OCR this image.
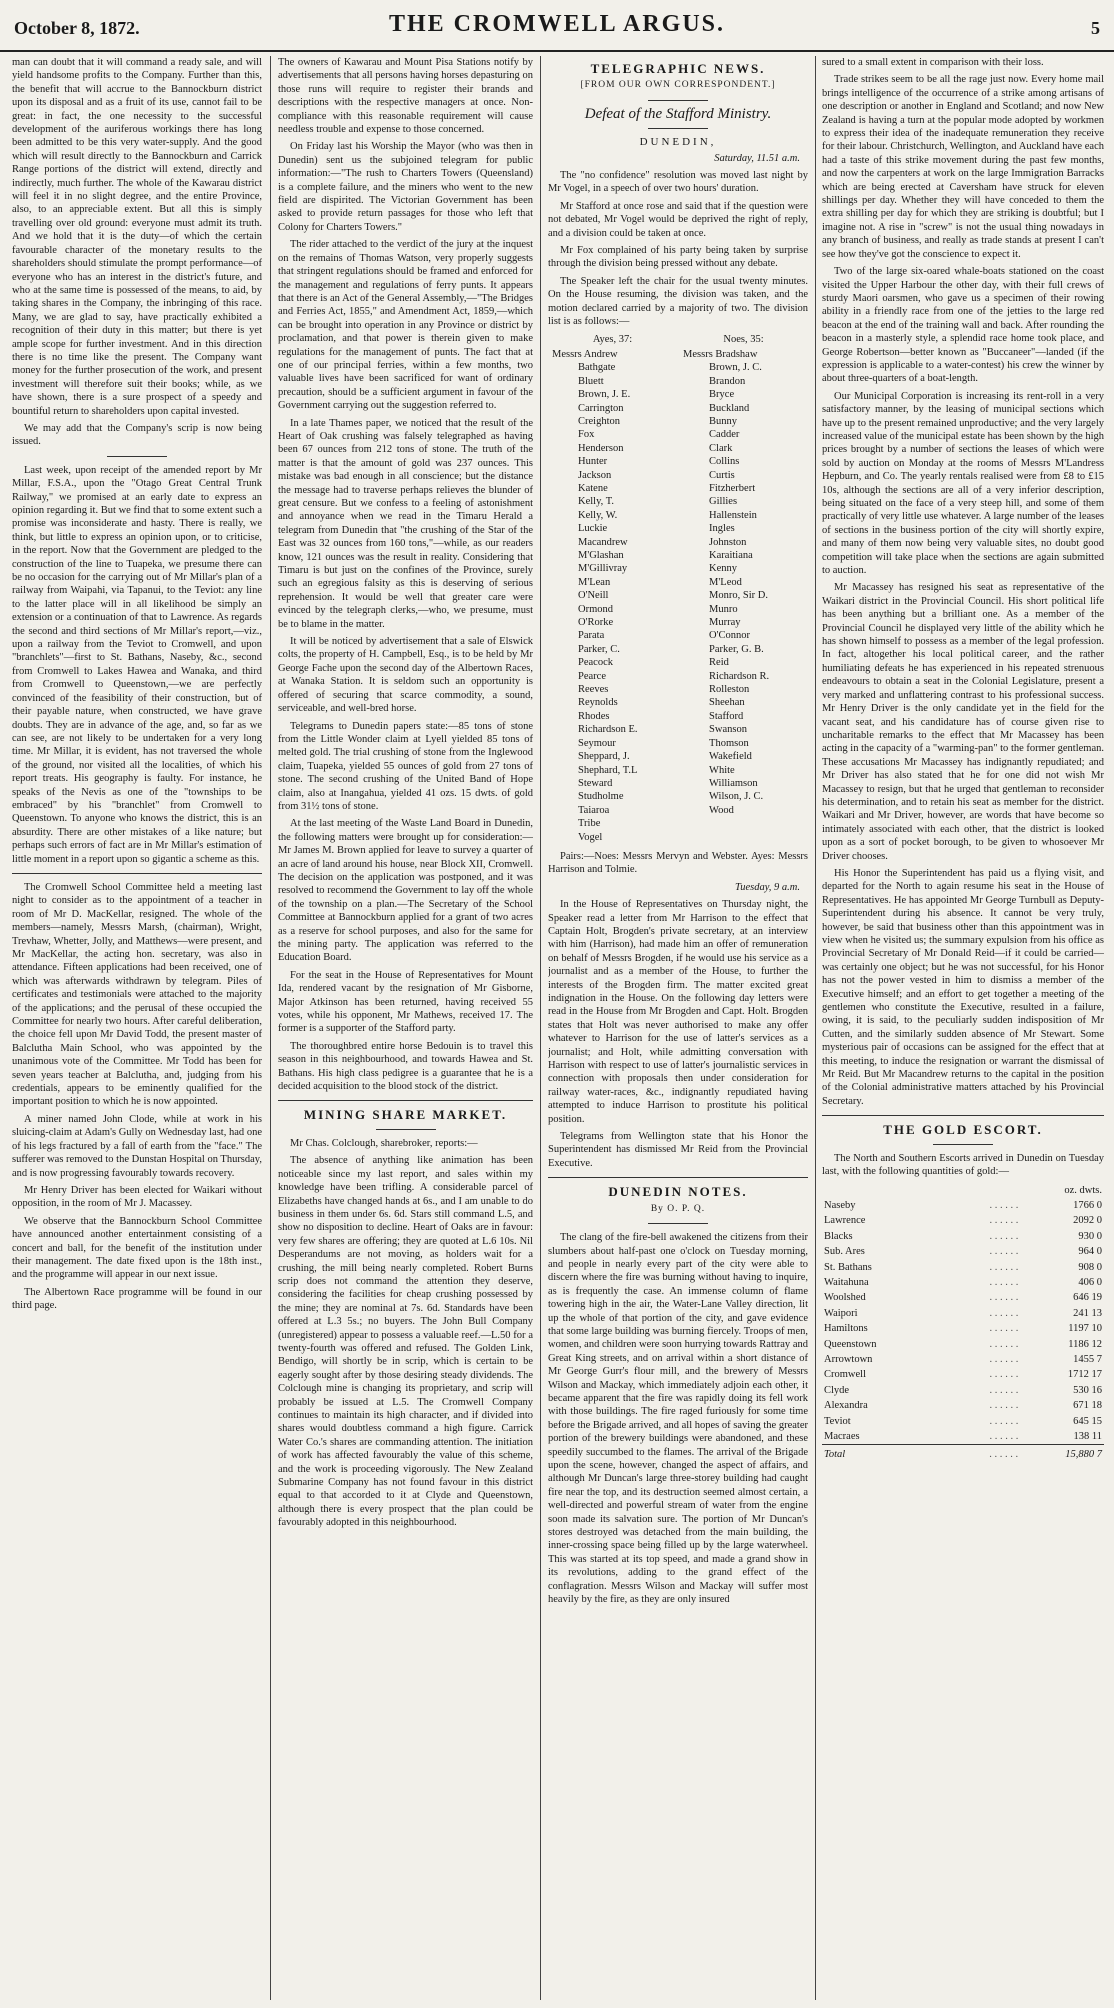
October 8, 1872.	THE CROMWELL ARGUS.	5

man can doubt that it will command a ready sale, and will yield handsome profits to the Company. Further than this, the benefit that will accrue to the Bannockburn district upon its disposal and as a fruit of its use, cannot fail to be great: in fact, the one necessity to the successful development of the auriferous workings there has long been admitted to be this very water-supply. And the good which will result directly to the Bannockburn and Carrick Range portions of the district will extend, directly and indirectly, much further. The whole of the Kawarau district will feel it in no slight degree, and the entire Province, also, to an appreciable extent. But all this is simply travelling over old ground: everyone must admit its truth. And we hold that it is the duty—of which the certain favourable character of the monetary results to the shareholders should stimulate the prompt performance—of everyone who has an interest in the district's future, and who at the same time is possessed of the means, to aid, by taking shares in the Company, the inbringing of this race. Many, we are glad to say, have practically exhibited a recognition of their duty in this matter; but there is yet ample scope for further investment. And in this direction there is no time like the present. The Company want money for the further prosecution of the work, and present investment will therefore suit their books; while, as we have shown, there is a sure prospect of a speedy and bountiful return to shareholders upon capital invested.

We may add that the Company's scrip is now being issued.

Last week, upon receipt of the amended report by Mr Millar, F.S.A., upon the "Otago Great Central Trunk Railway," we promised at an early date to express an opinion regarding it. But we find that to some extent such a promise was inconsiderate and hasty. There is really, we think, but little to express an opinion upon, or to criticise, in the report. Now that the Government are pledged to the construction of the line to Tuapeka, we presume there can be no occasion for the carrying out of Mr Millar's plan of a railway from Waipahi, via Tapanui, to the Teviot: any line to the latter place will in all likelihood be simply an extension or a continuation of that to Lawrence. As regards the second and third sections of Mr Millar's report,—viz., upon a railway from the Teviot to Cromwell, and upon "branchlets"—first to St. Bathans, Naseby, &c., second from Cromwell to Lakes Hawea and Wanaka, and third from Cromwell to Queenstown,—we are perfectly convinced of the feasibility of their construction, but of their payable nature, when constructed, we have grave doubts. They are in advance of the age, and, so far as we can see, are not likely to be undertaken for a very long time. Mr Millar, it is evident, has not traversed the whole of the ground, nor visited all the localities, of which his report treats. His geography is faulty. For instance, he speaks of the Nevis as one of the "townships to be embraced" by his "branchlet" from Cromwell to Queenstown. To anyone who knows the district, this is an absurdity. There are other mistakes of a like nature; but perhaps such errors of fact are in Mr Millar's estimation of little moment in a report upon so gigantic a scheme as this.

The Cromwell School Committee held a meeting last night to consider as to the appointment of a teacher in room of Mr D. MacKellar, resigned. The whole of the members—namely, Messrs Marsh, (chairman), Wright, Trevhaw, Whetter, Jolly, and Matthews—were present, and Mr MacKellar, the acting hon. secretary, was also in attendance. Fifteen applications had been received, one of which was afterwards withdrawn by telegram. Piles of certificates and testimonials were attached to the majority of the applications; and the perusal of these occupied the Committee for nearly two hours. After careful deliberation, the choice fell upon Mr David Todd, the present master of Balclutha Main School, who was appointed by the unanimous vote of the Committee. Mr Todd has been for seven years teacher at Balclutha, and, judging from his credentials, appears to be eminently qualified for the important position to which he is now appointed.

A miner named John Clode, while at work in his sluicing-claim at Adam's Gully on Wednesday last, had one of his legs fractured by a fall of earth from the "face." The sufferer was removed to the Dunstan Hospital on Thursday, and is now progressing favourably towards recovery.

Mr Henry Driver has been elected for Waikari without opposition, in the room of Mr J. Macassey.

We observe that the Bannockburn School Committee have announced another entertainment consisting of a concert and ball, for the benefit of the institution under their management. The date fixed upon is the 18th inst., and the programme will appear in our next issue.

The Albertown Race programme will be found in our third page.

The owners of Kawarau and Mount Pisa Stations notify by advertisements that all persons having horses depasturing on those runs will require to register their brands and descriptions with the respective managers at once. Non-compliance with this reasonable requirement will cause needless trouble and expense to those concerned.

On Friday last his Worship the Mayor (who was then in Dunedin) sent us the subjoined telegram for public information:—"The rush to Charters Towers (Queensland) is a complete failure, and the miners who went to the new field are dispirited. The Victorian Government has been asked to provide return passages for those who left that Colony for Charters Towers."

The rider attached to the verdict of the jury at the inquest on the remains of Thomas Watson, very properly suggests that stringent regulations should be framed and enforced for the management and regulations of ferry punts. It appears that there is an Act of the General Assembly,—"The Bridges and Ferries Act, 1855," and Amendment Act, 1859,—which can be brought into operation in any Province or district by proclamation, and that power is therein given to make regulations for the management of punts. The fact that at one of our principal ferries, within a few months, two valuable lives have been sacrificed for want of ordinary precaution, should be a sufficient argument in favour of the Government carrying out the suggestion referred to.

In a late Thames paper, we noticed that the result of the Heart of Oak crushing was falsely telegraphed as having been 67 ounces from 212 tons of stone. The truth of the matter is that the amount of gold was 237 ounces. This mistake was bad enough in all conscience; but the distance the message had to traverse perhaps relieves the blunder of great censure. But we confess to a feeling of astonishment and annoyance when we read in the Timaru Herald a telegram from Dunedin that "the crushing of the Star of the East was 32 ounces from 160 tons,"—while, as our readers know, 121 ounces was the result in reality. Considering that Timaru is but just on the confines of the Province, surely such an egregious falsity as this is deserving of serious reprehension. It would be well that greater care were evinced by the telegraph clerks,—who, we presume, must be to blame in the matter.

It will be noticed by advertisement that a sale of Elswick colts, the property of H. Campbell, Esq., is to be held by Mr George Fache upon the second day of the Albertown Races, at Wanaka Station. It is seldom such an opportunity is offered of securing that scarce commodity, a sound, serviceable, and well-bred horse.

Telegrams to Dunedin papers state:—85 tons of stone from the Little Wonder claim at Lyell yielded 85 tons of melted gold. The trial crushing of stone from the Inglewood claim, Tuapeka, yielded 55 ounces of gold from 27 tons of stone. The second crushing of the United Band of Hope claim, also at Inangahua, yielded 41 ozs. 15 dwts. of gold from 31½ tons of stone.

At the last meeting of the Waste Land Board in Dunedin, the following matters were brought up for consideration:—Mr James M. Brown applied for leave to survey a quarter of an acre of land around his house, near Block XII, Cromwell. The decision on the application was postponed, and it was resolved to recommend the Government to lay off the whole of the township on a plan.—The Secretary of the School Committee at Bannockburn applied for a grant of two acres as a reserve for school purposes, and also for the same for the mining party. The application was referred to the Education Board.

For the seat in the House of Representatives for Mount Ida, rendered vacant by the resignation of Mr Gisborne, Major Atkinson has been returned, having received 55 votes, while his opponent, Mr Mathews, received 17. The former is a supporter of the Stafford party.

The thoroughbred entire horse Bedouin is to travel this season in this neighbourhood, and towards Hawea and St. Bathans. His high class pedigree is a guarantee that he is a decided acquisition to the blood stock of the district.

MINING SHARE MARKET.

Mr Chas. Colclough, sharebroker, reports:—

The absence of anything like animation has been noticeable since my last report, and sales within my knowledge have been trifling. A considerable parcel of Elizabeths have changed hands at 6s., and I am unable to do business in them under 6s. 6d. Stars still command L.5, and show no disposition to decline. Heart of Oaks are in favour: very few shares are offering; they are quoted at L.6 10s. Nil Desperandums are not moving, as holders wait for a crushing, the mill being nearly completed. Robert Burns scrip does not command the attention they deserve, considering the facilities for cheap crushing possessed by the mine; they are nominal at 7s. 6d. Standards have been offered at L.3 5s.; no buyers. The John Bull Company (unregistered) appear to possess a valuable reef.—L.50 for a twenty-fourth was offered and refused. The Golden Link, Bendigo, will shortly be in scrip, which is certain to be eagerly sought after by those desiring steady dividends. The Colclough mine is changing its proprietary, and scrip will probably be issued at L.5. The Cromwell Company continues to maintain its high character, and if divided into shares would doubtless command a high figure. Carrick Water Co.'s shares are commanding attention. The initiation of work has affected favourably the value of this scheme, and the work is proceeding vigorously. The New Zealand Submarine Company has not found favour in this district equal to that accorded to it at Clyde and Queenstown, although there is every prospect that the plan could be favourably adopted in this neighbourhood.

TELEGRAPHIC NEWS.
[FROM OUR OWN CORRESPONDENT.]
Defeat of the Stafford Ministry.
DUNEDIN,
Saturday, 11.51 a.m.

The "no confidence" resolution was moved last night by Mr Vogel, in a speech of over two hours' duration.

Mr Stafford at once rose and said that if the question were not debated, Mr Vogel would be deprived the right of reply, and a division could be taken at once.

Mr Fox complained of his party being taken by surprise through the division being pressed without any debate.

The Speaker left the chair for the usual twenty minutes. On the House resuming, the division was taken, and the motion declared carried by a majority of two. The division list is as follows:—

Ayes, 37:
Messrs Andrew
Bathgate
Bluett
Brown, J. E.
Carrington
Creighton
Fox
Henderson
Hunter
Jackson
Katene
Kelly, T.
Kelly, W.
Luckie
Macandrew
M'Glashan
M'Gillivray
M'Lean
O'Neill
Ormond
O'Rorke
Parata
Parker, C.
Peacock
Pearce
Reeves
Reynolds
Rhodes
Richardson E.
Seymour
Sheppard, J.
Shephard, T.L
Steward
Studholme
Taiaroa
Tribe
Vogel
Noes, 35:
Messrs Bradshaw
Brown, J. C.
Brandon
Bryce
Buckland
Bunny
Cadder
Clark
Collins
Curtis
Fitzherbert
Gillies
Hallenstein
Ingles
Johnston
Karaitiana
Kenny
M'Leod
Monro, Sir D.
Munro
Murray
O'Connor
Parker, G. B.
Reid
Richardson R.
Rolleston
Sheehan
Stafford
Swanson
Thomson
Wakefield
White
Williamson
Wilson, J. C.
Wood

Pairs:—Noes: Messrs Mervyn and Webster. Ayes: Messrs Harrison and Tolmie.

Tuesday, 9 a.m.

In the House of Representatives on Thursday night, the Speaker read a letter from Mr Harrison to the effect that Captain Holt, Brogden's private secretary, at an interview with him (Harrison), had made him an offer of remuneration on behalf of Messrs Brogden, if he would use his service as a journalist and as a member of the House, to further the interests of the Brogden firm. The matter excited great indignation in the House. On the following day letters were read in the House from Mr Brogden and Capt. Holt. Brogden states that Holt was never authorised to make any offer whatever to Harrison for the use of latter's services as a journalist; and Holt, while admitting conversation with Harrison with respect to use of latter's journalistic services in connection with proposals then under consideration for railway water-races, &c., indignantly repudiated having attempted to induce Harrison to prostitute his political position.

Telegrams from Wellington state that his Honor the Superintendent has dismissed Mr Reid from the Provincial Executive.

DUNEDIN NOTES.
By O. P. Q.

The clang of the fire-bell awakened the citizens from their slumbers about half-past one o'clock on Tuesday morning, and people in nearly every part of the city were able to discern where the fire was burning without having to inquire, as is frequently the case. An immense column of flame towering high in the air, the Water-Lane Valley direction, lit up the whole of that portion of the city, and gave evidence that some large building was burning fiercely. Troops of men, women, and children were soon hurrying towards Rattray and Great King streets, and on arrival within a short distance of Mr George Gurr's flour mill, and the brewery of Messrs Wilson and Mackay, which immediately adjoin each other, it became apparent that the fire was rapidly doing its fell work with those buildings. The fire raged furiously for some time before the Brigade arrived, and all hopes of saving the greater portion of the brewery buildings were abandoned, and these speedily succumbed to the flames. The arrival of the Brigade upon the scene, however, changed the aspect of affairs, and although Mr Duncan's large three-storey building had caught fire near the top, and its destruction seemed almost certain, a well-directed and powerful stream of water from the engine soon made its salvation sure. The portion of Mr Duncan's stores destroyed was detached from the main building, the inner-crossing space being filled up by the large waterwheel. This was started at its top speed, and made a grand show in its revolutions, adding to the grand effect of the conflagration. Messrs Wilson and Mackay will suffer most heavily by the fire, as they are only insured

sured to a small extent in comparison with their loss.

Trade strikes seem to be all the rage just now. Every home mail brings intelligence of the occurrence of a strike among artisans of one description or another in England and Scotland; and now New Zealand is having a turn at the popular mode adopted by workmen to express their idea of the inadequate remuneration they receive for their labour. Christchurch, Wellington, and Auckland have each had a taste of this strike movement during the past few months, and now the carpenters at work on the large Immigration Barracks which are being erected at Caversham have struck for eleven shillings per day. Whether they will have conceded to them the extra shilling per day for which they are striking is doubtful; but I imagine not. A rise in "screw" is not the usual thing nowadays in any branch of business, and really as trade stands at present I can't see how they've got the conscience to expect it.

Two of the large six-oared whale-boats stationed on the coast visited the Upper Harbour the other day, with their full crews of sturdy Maori oarsmen, who gave us a specimen of their rowing ability in a friendly race from one of the jetties to the large red beacon at the end of the training wall and back. After rounding the beacon in a masterly style, a splendid race home took place, and George Robertson—better known as "Buccaneer"—landed (if the expression is applicable to a water-contest) his crew the winner by about three-quarters of a boat-length.

Our Municipal Corporation is increasing its rent-roll in a very satisfactory manner, by the leasing of municipal sections which have up to the present remained unproductive; and the very largely increased value of the municipal estate has been shown by the high prices brought by a number of sections the leases of which were sold by auction on Monday at the rooms of Messrs M'Landress Hepburn, and Co. The yearly rentals realised were from £8 to £15 10s, although the sections are all of a very inferior description, being situated on the face of a very steep hill, and some of them practically of very little use whatever. A large number of the leases of sections in the business portion of the city will shortly expire, and many of them now being very valuable sites, no doubt good competition will take place when the sections are again submitted to auction.

Mr Macassey has resigned his seat as representative of the Waikari district in the Provincial Council. His short political life has been anything but a brilliant one. As a member of the Provincial Council he displayed very little of the ability which he has shown himself to possess as a member of the legal profession. In fact, altogether his local political career, and the rather humiliating defeats he has experienced in his repeated strenuous endeavours to obtain a seat in the Colonial Legislature, present a very marked and unflattering contrast to his professional success. Mr Henry Driver is the only candidate yet in the field for the vacant seat, and his candidature has of course given rise to uncharitable remarks to the effect that Mr Macassey has been acting in the capacity of a "warming-pan" to the former gentleman. These accusations Mr Macassey has indignantly repudiated; and Mr Driver has also stated that he for one did not wish Mr Macassey to resign, but that he urged that gentleman to reconsider his determination, and to retain his seat as member for the district. Waikari and Mr Driver, however, are words that have become so intimately associated with each other, that the district is looked upon as a sort of pocket borough, to be given to whosoever Mr Driver chooses.

His Honor the Superintendent has paid us a flying visit, and departed for the North to again resume his seat in the House of Representatives. He has appointed Mr George Turnbull as Deputy-Superintendent during his absence. It cannot be very truly, however, be said that business other than this appointment was in view when he visited us; the summary expulsion from his office as Provincial Secretary of Mr Donald Reid—if it could be carried—was certainly one object; but he was not successful, for his Honor has not the power vested in him to dismiss a member of the Executive himself; and an effort to get together a meeting of the gentlemen who constitute the Executive, resulted in a failure, owing, it is said, to the peculiarly sudden indisposition of Mr Cutten, and the similarly sudden absence of Mr Stewart. Some mysterious pair of occasions can be assigned for the effect that at this meeting, to induce the resignation or warrant the dismissal of Mr Reid. But Mr Macandrew returns to the capital in the position of the Colonial administrative matters attached by his Provincial Secretary.

THE GOLD ESCORT.

The North and Southern Escorts arrived in Dunedin on Tuesday last, with the following quantities of gold:—

		oz. dwts.
Naseby	. . . . . .	1766 0
Lawrence	. . . . . .	2092 0
Blacks	. . . . . .	930 0
Sub. Ares	. . . . . .	964 0
St. Bathans	. . . . . .	908 0
Waitahuna	. . . . . .	406 0
Woolshed	. . . . . .	646 19
Waipori	. . . . . .	241 13
Hamiltons	. . . . . .	1197 10
Queenstown	. . . . . .	1186 12
Arrowtown	. . . . . .	1455 7
Cromwell	. . . . . .	1712 17
Clyde	. . . . . .	530 16
Alexandra	. . . . . .	671 18
Teviot	. . . . . .	645 15
Macraes	. . . . . .	138 11
Total	. . . . . .	15,880 7
